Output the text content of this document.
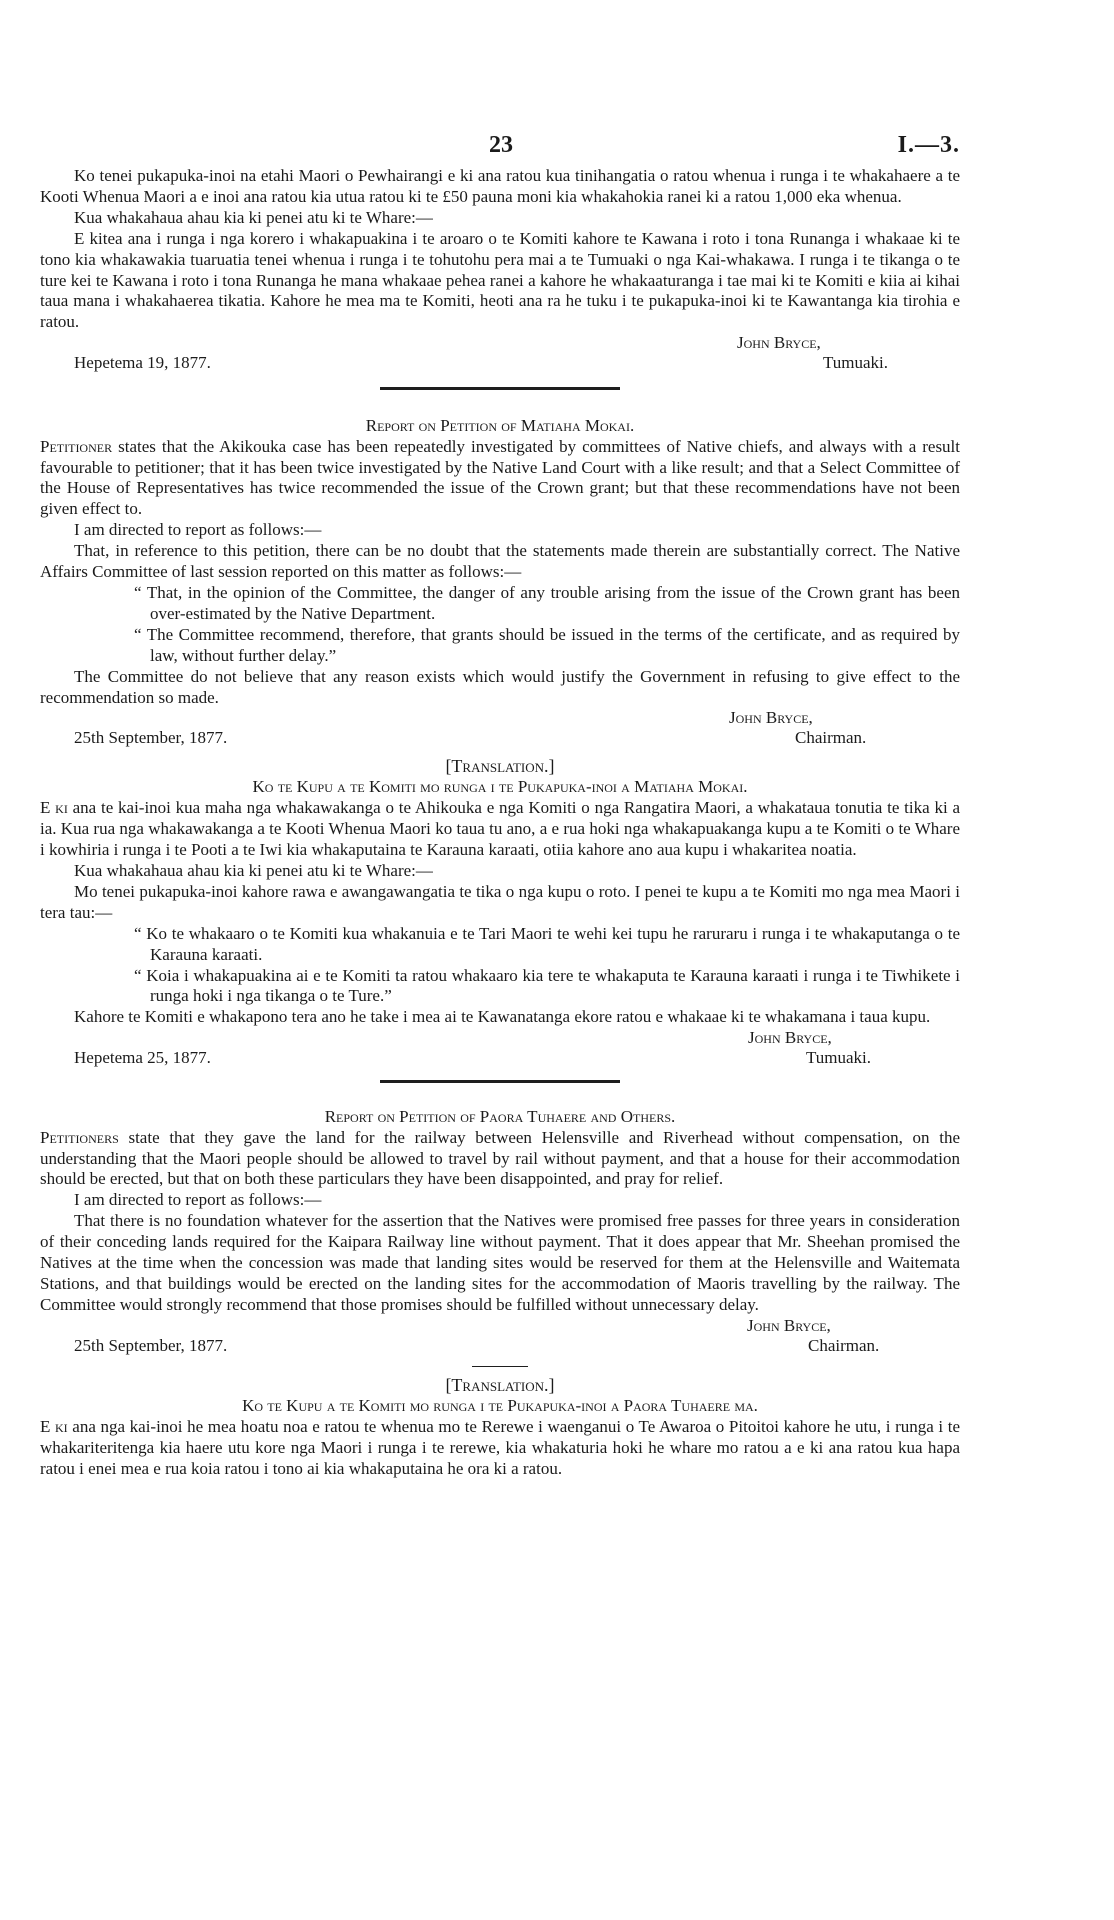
23	I.—3.

Ko tenei pukapuka-inoi na etahi Maori o Pewhairangi e ki ana ratou kua tinihangatia o ratou whenua i runga i te whakahaere a te Kooti Whenua Maori a e inoi ana ratou kia utua ratou ki te £50 pauna moni kia whakahokia ranei ki a ratou 1,000 eka whenua.

Kua whakahaua ahau kia ki penei atu ki te Whare:—

E kitea ana i runga i nga korero i whakapuakina i te aroaro o te Komiti kahore te Kawana i roto i tona Runanga i whakaae ki te tono kia whakawakia tuaruatia tenei whenua i runga i te tohutohu pera mai a te Tumuaki o nga Kai-whakawa. I runga i te tikanga o te ture kei te Kawana i roto i tona Runanga he mana whakaae pehea ranei a kahore he whakaaturanga i tae mai ki te Komiti e kiia ai kihai taua mana i whakahaerea tikatia. Kahore he mea ma te Komiti, heoti ana ra he tuku i te pukapuka-inoi ki te Kawantanga kia tirohia e ratou.

John Bryce,
Tumuaki.
Hepetema 19, 1877.

Report on Petition of Matiaha Mokai.

Petitioner states that the Akikouka case has been repeatedly investigated by committees of Native chiefs, and always with a result favourable to petitioner; that it has been twice investigated by the Native Land Court with a like result; and that a Select Committee of the House of Representatives has twice recommended the issue of the Crown grant; but that these recommendations have not been given effect to.

I am directed to report as follows:—

That, in reference to this petition, there can be no doubt that the statements made therein are substantially correct. The Native Affairs Committee of last session reported on this matter as follows:—

“ That, in the opinion of the Committee, the danger of any trouble arising from the issue of the Crown grant has been over-estimated by the Native Department.

“ The Committee recommend, therefore, that grants should be issued in the terms of the certificate, and as required by law, without further delay.”

The Committee do not believe that any reason exists which would justify the Government in refusing to give effect to the recommendation so made.

John Bryce,
Chairman.
25th September, 1877.

[Translation.]

Ko te Kupu a te Komiti mo runga i te Pukapuka-inoi a Matiaha Mokai.

E ki ana te kai-inoi kua maha nga whakawakanga o te Ahikouka e nga Komiti o nga Rangatira Maori, a whakataua tonutia te tika ki a ia. Kua rua nga whakawakanga a te Kooti Whenua Maori ko taua tu ano, a e rua hoki nga whakapuakanga kupu a te Komiti o te Whare i kowhiria i runga i te Pooti a te Iwi kia whakaputaina te Karauna karaati, otiia kahore ano aua kupu i whakaritea noatia.

Kua whakahaua ahau kia ki penei atu ki te Whare:—

Mo tenei pukapuka-inoi kahore rawa e awangawangatia te tika o nga kupu o roto. I penei te kupu a te Komiti mo nga mea Maori i tera tau:—

“ Ko te whakaaro o te Komiti kua whakanuia e te Tari Maori te wehi kei tupu he raruraru i runga i te whakaputanga o te Karauna karaati.

“ Koia i whakapuakina ai e te Komiti ta ratou whakaaro kia tere te whakaputa te Karauna karaati i runga i te Tiwhikete i runga hoki i nga tikanga o te Ture.”

Kahore te Komiti e whakapono tera ano he take i mea ai te Kawanatanga ekore ratou e whakaae ki te whakamana i taua kupu.

John Bryce,
Tumuaki.
Hepetema 25, 1877.

Report on Petition of Paora Tuhaere and Others.

Petitioners state that they gave the land for the railway between Helensville and Riverhead without compensation, on the understanding that the Maori people should be allowed to travel by rail without payment, and that a house for their accommodation should be erected, but that on both these particulars they have been disappointed, and pray for relief.

I am directed to report as follows:—

That there is no foundation whatever for the assertion that the Natives were promised free passes for three years in consideration of their conceding lands required for the Kaipara Railway line without payment. That it does appear that Mr. Sheehan promised the Natives at the time when the concession was made that landing sites would be reserved for them at the Helensville and Waitemata Stations, and that buildings would be erected on the landing sites for the accommodation of Maoris travelling by the railway. The Committee would strongly recommend that those promises should be fulfilled without unnecessary delay.

John Bryce,
Chairman.
25th September, 1877.

[Translation.]

Ko te Kupu a te Komiti mo runga i te Pukapuka-inoi a Paora Tuhaere ma.

E ki ana nga kai-inoi he mea hoatu noa e ratou te whenua mo te Rerewe i waenganui o Te Awaroa o Pitoitoi kahore he utu, i runga i te whakariteritenga kia haere utu kore nga Maori i runga i te rerewe, kia whakaturia hoki he whare mo ratou a e ki ana ratou kua hapa ratou i enei mea e rua koia ratou i tono ai kia whakaputaina he ora ki a ratou.
